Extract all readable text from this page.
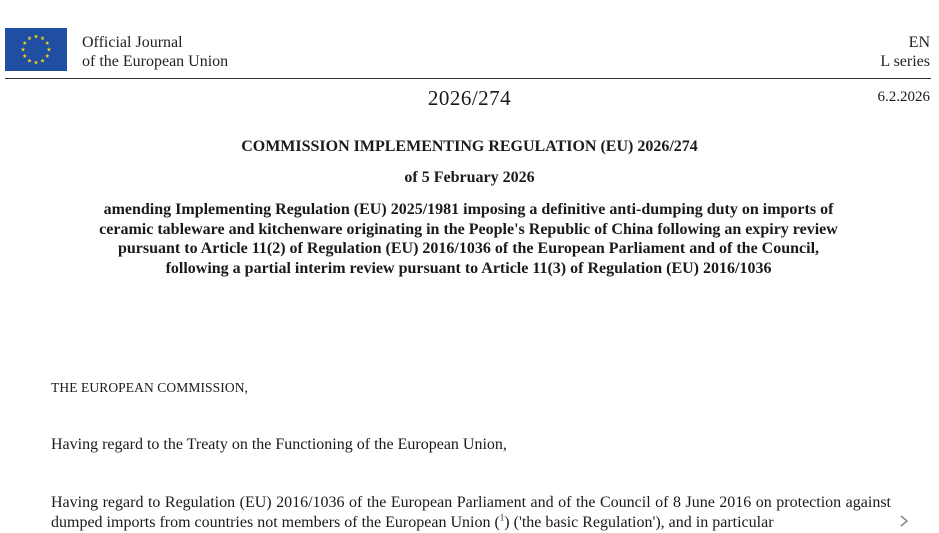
Official Journal
of the European Union
EN
L series
2026/274	6.2.2026
COMMISSION IMPLEMENTING REGULATION (EU) 2026/274
of 5 February 2026
amending Implementing Regulation (EU) 2025/1981 imposing a definitive anti-dumping duty on imports of ceramic tableware and kitchenware originating in the People's Republic of China following an expiry review pursuant to Article 11(2) of Regulation (EU) 2016/1036 of the European Parliament and of the Council, following a partial interim review pursuant to Article 11(3) of Regulation (EU) 2016/1036
THE EUROPEAN COMMISSION,
Having regard to the Treaty on the Functioning of the European Union,
Having regard to Regulation (EU) 2016/1036 of the European Parliament and of the Council of 8 June 2016 on protection against dumped imports from countries not members of the European Union ($^1$) ('the basic Regulation'), and in particular
